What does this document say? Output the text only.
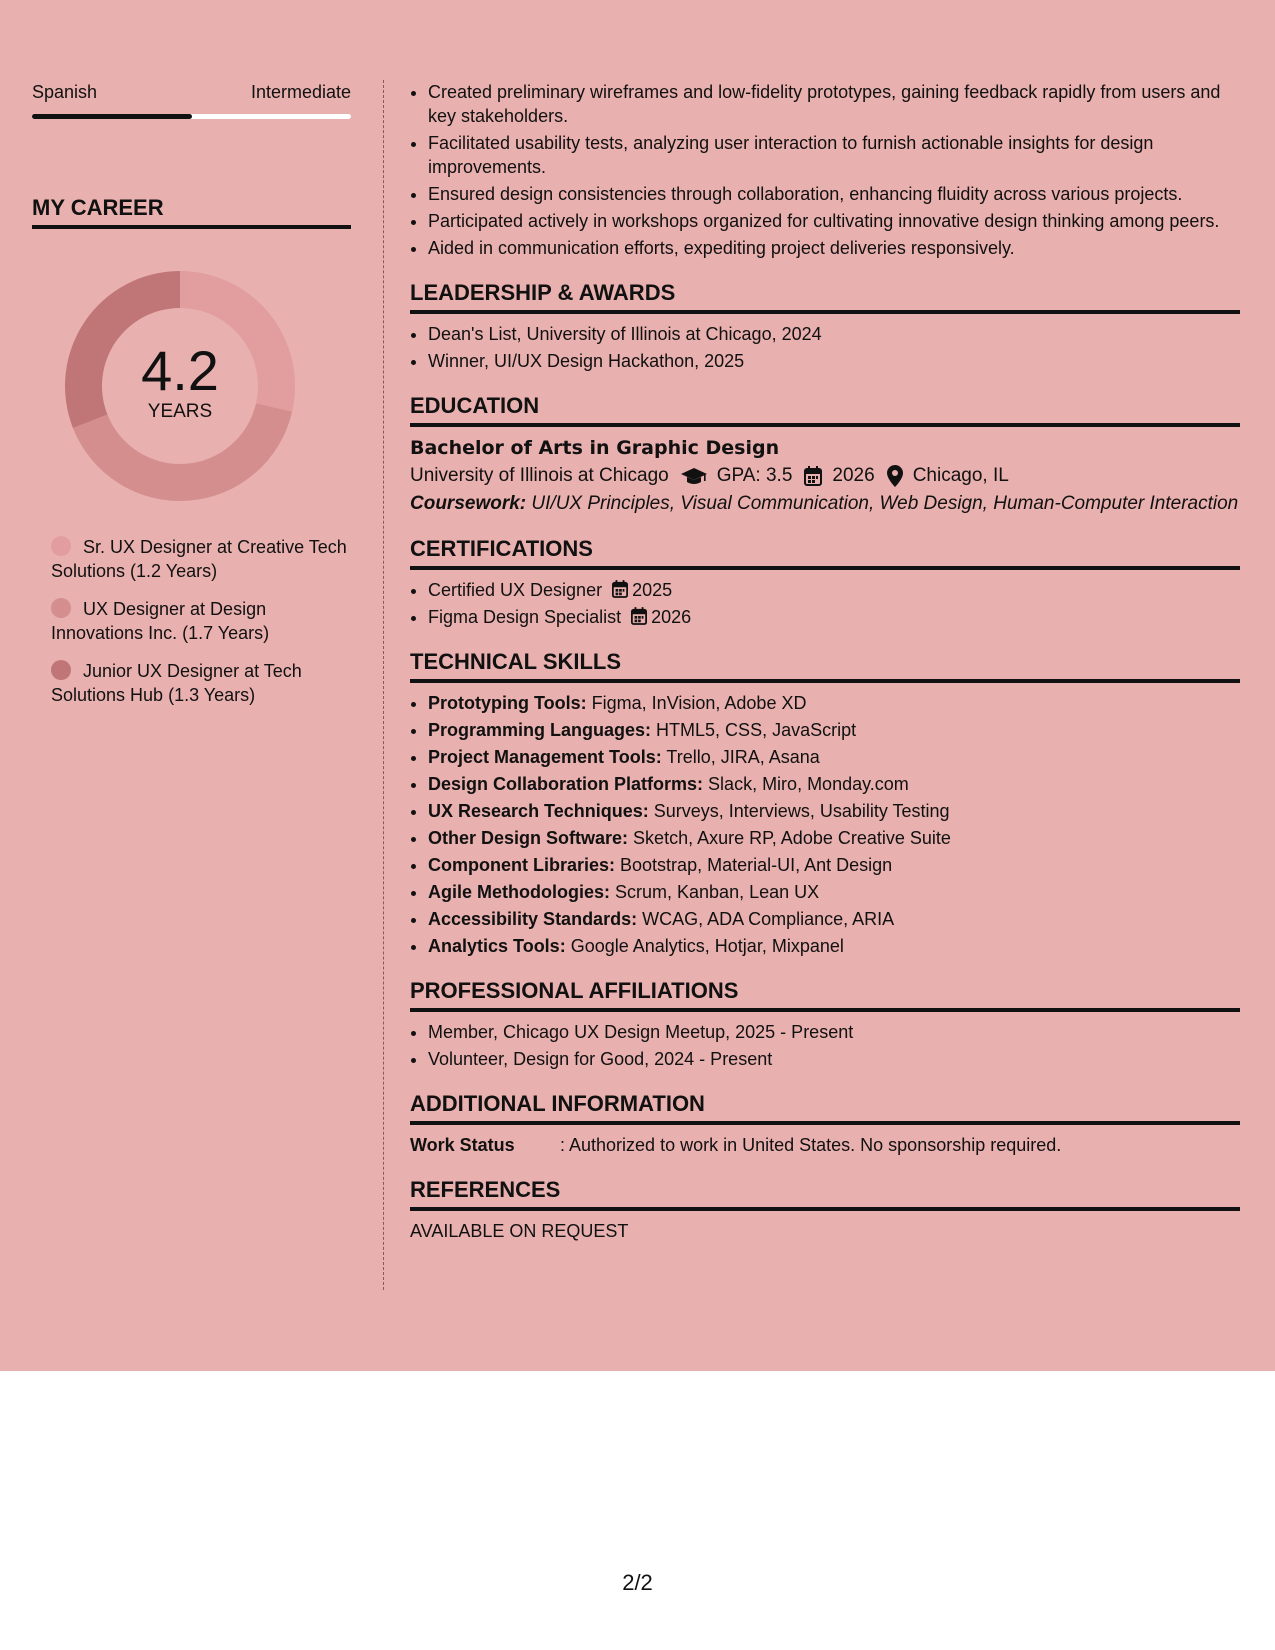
Spanish	Intermediate
MY CAREER
4.2
YEARS
Sr. UX Designer at Creative Tech Solutions (1.2 Years)
UX Designer at Design Innovations Inc. (1.7 Years)
Junior UX Designer at Tech Solutions Hub (1.3 Years)
• Created preliminary wireframes and low-fidelity prototypes, gaining feedback rapidly from users and key stakeholders.
• Facilitated usability tests, analyzing user interaction to furnish actionable insights for design improvements.
• Ensured design consistencies through collaboration, enhancing fluidity across various projects.
• Participated actively in workshops organized for cultivating innovative design thinking among peers.
• Aided in communication efforts, expediting project deliveries responsively.
LEADERSHIP & AWARDS
• Dean's List, University of Illinois at Chicago, 2024
• Winner, UI/UX Design Hackathon, 2025
EDUCATION
Bachelor of Arts in Graphic Design
University of Illinois at Chicago	GPA: 3.5 2026 Chicago, IL
Coursework: UI/UX Principles, Visual Communication, Web Design, Human-Computer Interaction
CERTIFICATIONS
• Certified UX Designer 2025
• Figma Design Specialist 2026
TECHNICAL SKILLS
• Prototyping Tools: Figma, InVision, Adobe XD
• Programming Languages: HTML5, CSS, JavaScript
• Project Management Tools: Trello, JIRA, Asana
• Design Collaboration Platforms: Slack, Miro, Monday.com
• UX Research Techniques: Surveys, Interviews, Usability Testing
• Other Design Software: Sketch, Axure RP, Adobe Creative Suite
• Component Libraries: Bootstrap, Material-UI, Ant Design
• Agile Methodologies: Scrum, Kanban, Lean UX
• Accessibility Standards: WCAG, ADA Compliance, ARIA
• Analytics Tools: Google Analytics, Hotjar, Mixpanel
PROFESSIONAL AFFILIATIONS
• Member, Chicago UX Design Meetup, 2025 - Present
• Volunteer, Design for Good, 2024 - Present
ADDITIONAL INFORMATION
Work Status	: Authorized to work in United States. No sponsorship required.
REFERENCES
AVAILABLE ON REQUEST
2/2
